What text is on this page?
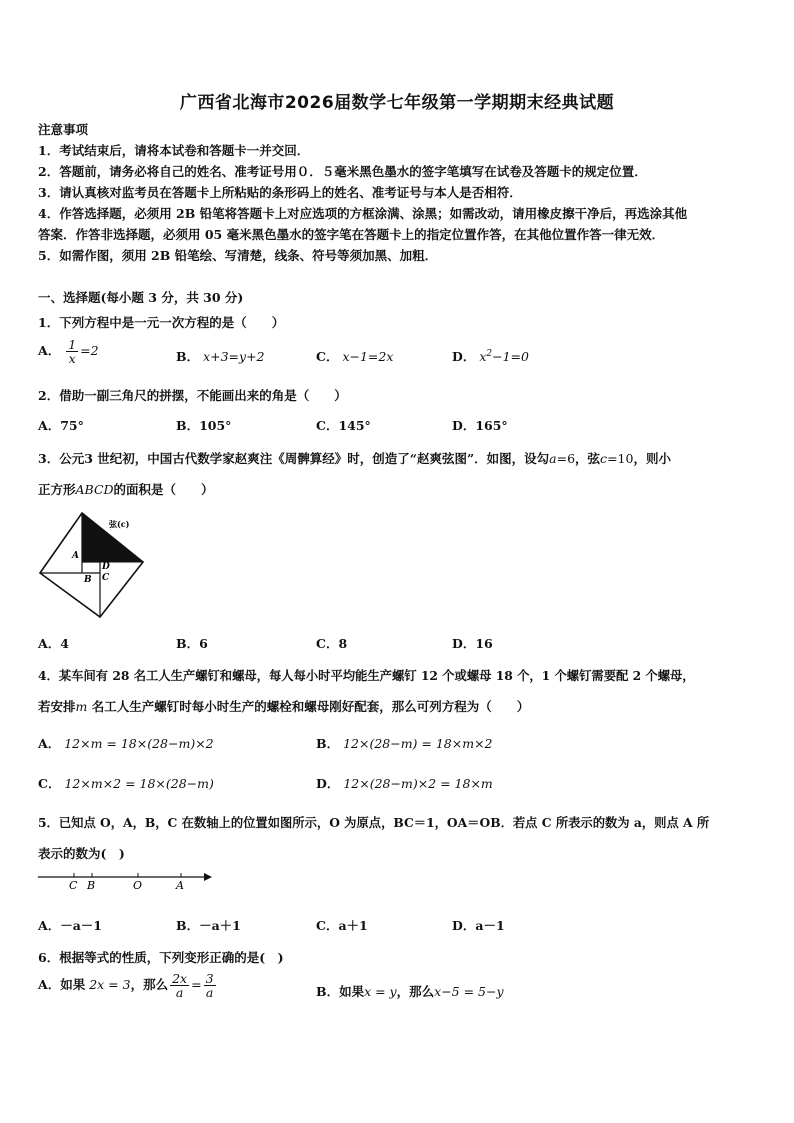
广西省北海市2026届数学七年级第一学期期末经典试题
注意事项
1．考试结束后，请将本试卷和答题卡一并交回．
2．答题前，请务必将自己的姓名、准考证号用０．５毫米黑色墨水的签字笔填写在试卷及答题卡的规定位置．
3．请认真核对监考员在答题卡上所粘贴的条形码上的姓名、准考证号与本人是否相符．
4．作答选择题，必须用 2B 铅笔将答题卡上对应选项的方框涂满、涂黑；如需改动，请用橡皮擦干净后，再选涂其他
答案．作答非选择题，必须用 05 毫米黑色墨水的签字笔在答题卡上的指定位置作答，在其他位置作答一律无效．
5．如需作图，须用 2B 铅笔绘、写清楚，线条、符号等须加黑、加粗．
一、选择题(每小题 3 分，共 30 分)
1．下列方程中是一元一次方程的是（　　）
A． $\frac{1}{x} =2$	B． x+3=y+2	C． x−1=2x	D． $x^2-1=0$
2．借助一副三角尺的拼摆，不能画出来的角是（　　）
A．75°	B．105°	C．145°	D．165°
3．公元3 世纪初，中国古代数学家赵爽注《周髀算经》时，创造了“赵爽弦图”．如图，设勾a=6，弦c=10，则小
正方形ABCD的面积是（　　）
弦(c)
A
B C
D
A．4	B．6	C．8	D．16
4．某车间有 28 名工人生产螺钉和螺母，每人每小时平均能生产螺钉 12 个或螺母 18 个，1 个螺钉需要配 2 个螺母，
若安排m 名工人生产螺钉时每小时生产的螺栓和螺母刚好配套，那么可列方程为（　　）
A． 12×m = 18×(28−m)×2	B． 12×(28−m) = 18×m×2
C． 12×m×2 = 18×(28−m)	D． 12×(28−m)×2 = 18×m
5．已知点 O，A，B，C 在数轴上的位置如图所示，O 为原点，BC＝1，OA＝OB．若点 C 所表示的数为 a，则点 A 所
表示的数为(　)
C B	O	A
A．－a－1	B．－a＋1	C．a＋1	D．a－1
6．根据等式的性质，下列变形正确的是(　)
A．如果 2x = 3，那么 $\frac{2x}{a} = \frac{3}{a}$	B．如果x = y，那么x−5 = 5−y
